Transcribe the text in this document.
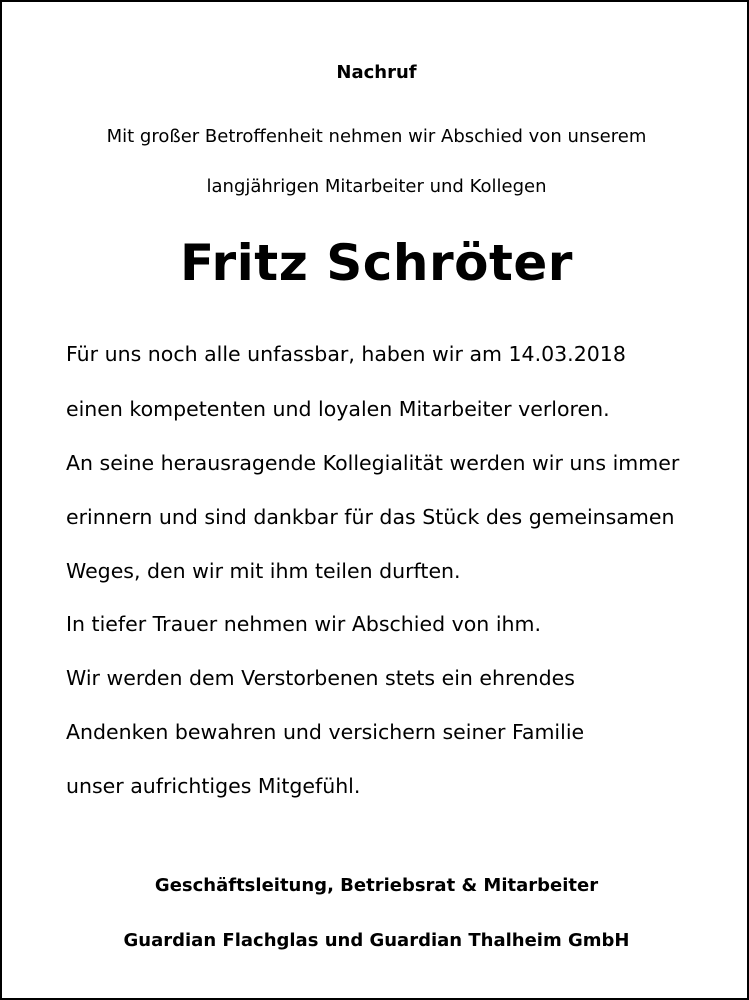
Nachruf
Mit großer Betroffenheit nehmen wir Abschied von unserem
langjährigen Mitarbeiter und Kollegen
Fritz Schröter
Für uns noch alle unfassbar, haben wir am 14.03.2018
einen kompetenten und loyalen Mitarbeiter verloren.
An seine herausragende Kollegialität werden wir uns immer
erinnern und sind dankbar für das Stück des gemeinsamen
Weges, den wir mit ihm teilen durften.
In tiefer Trauer nehmen wir Abschied von ihm.
Wir werden dem Verstorbenen stets ein ehrendes
Andenken bewahren und versichern seiner Familie
unser aufrichtiges Mitgefühl.
Geschäftsleitung, Betriebsrat & Mitarbeiter
Guardian Flachglas und Guardian Thalheim GmbH
